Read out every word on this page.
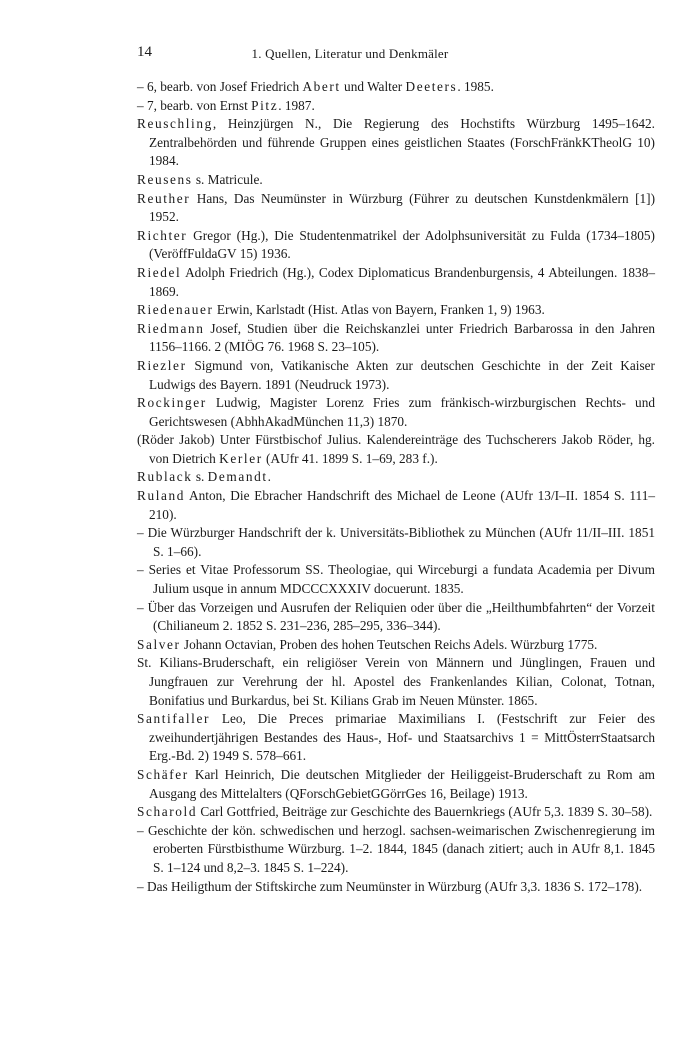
14	1. Quellen, Literatur und Denkmäler
– 6, bearb. von Josef Friedrich Abert und Walter Deeters. 1985.
– 7, bearb. von Ernst Pitz. 1987.
Reuschling, Heinzjürgen N., Die Regierung des Hochstifts Würzburg 1495–1642. Zentralbehörden und führende Gruppen eines geistlichen Staates (ForschFränkKTheolG 10) 1984.
Reusens s. Matricule.
Reuther Hans, Das Neumünster in Würzburg (Führer zu deutschen Kunstdenkmälern [1]) 1952.
Richter Gregor (Hg.), Die Studentenmatrikel der Adolphsuniversität zu Fulda (1734–1805) (VeröffFuldaGV 15) 1936.
Riedel Adolph Friedrich (Hg.), Codex Diplomaticus Brandenburgensis, 4 Abteilungen. 1838–1869.
Riedenauer Erwin, Karlstadt (Hist. Atlas von Bayern, Franken 1, 9) 1963.
Riedmann Josef, Studien über die Reichskanzlei unter Friedrich Barbarossa in den Jahren 1156–1166. 2 (MIÖG 76. 1968 S. 23–105).
Riezler Sigmund von, Vatikanische Akten zur deutschen Geschichte in der Zeit Kaiser Ludwigs des Bayern. 1891 (Neudruck 1973).
Rockinger Ludwig, Magister Lorenz Fries zum fränkisch-wirzburgischen Rechts- und Gerichtswesen (AbhhAkadMünchen 11,3) 1870.
(Röder Jakob) Unter Fürstbischof Julius. Kalendereinträge des Tuchscherers Jakob Röder, hg. von Dietrich Kerler (AUfr 41. 1899 S. 1–69, 283 f.).
Rublack s. Demandt.
Ruland Anton, Die Ebracher Handschrift des Michael de Leone (AUfr 13/I–II. 1854 S. 111–210).
– Die Würzburger Handschrift der k. Universitäts-Bibliothek zu München (AUfr 11/II–III. 1851 S. 1–66).
– Series et Vitae Professorum SS. Theologiae, qui Wirceburgi a fundata Academia per Divum Julium usque in annum MDCCCXXXIV docuerunt. 1835.
– Über das Vorzeigen und Ausrufen der Reliquien oder über die „Heilthumbfahrten“ der Vorzeit (Chilianeum 2. 1852 S. 231–236, 285–295, 336–344).
Salver Johann Octavian, Proben des hohen Teutschen Reichs Adels. Würzburg 1775.
St. Kilians-Bruderschaft, ein religiöser Verein von Männern und Jünglingen, Frauen und Jungfrauen zur Verehrung der hl. Apostel des Frankenlandes Kilian, Colonat, Totnan, Bonifatius und Burkardus, bei St. Kilians Grab im Neuen Münster. 1865.
Santifaller Leo, Die Preces primariae Maximilians I. (Festschrift zur Feier des zweihundertjährigen Bestandes des Haus-, Hof- und Staatsarchivs 1 = MittÖsterrStaatsarch Erg.-Bd. 2) 1949 S. 578–661.
Schäfer Karl Heinrich, Die deutschen Mitglieder der Heiliggeist-Bruderschaft zu Rom am Ausgang des Mittelalters (QForschGebietGGörrGes 16, Beilage) 1913.
Scharold Carl Gottfried, Beiträge zur Geschichte des Bauernkriegs (AUfr 5,3. 1839 S. 30–58).
– Geschichte der kön. schwedischen und herzogl. sachsen-weimarischen Zwischenregierung im eroberten Fürstbisthume Würzburg. 1–2. 1844, 1845 (danach zitiert; auch in AUfr 8,1. 1845 S. 1–124 und 8,2–3. 1845 S. 1–224).
– Das Heiligthum der Stiftskirche zum Neumünster in Würzburg (AUfr 3,3. 1836 S. 172–178).
